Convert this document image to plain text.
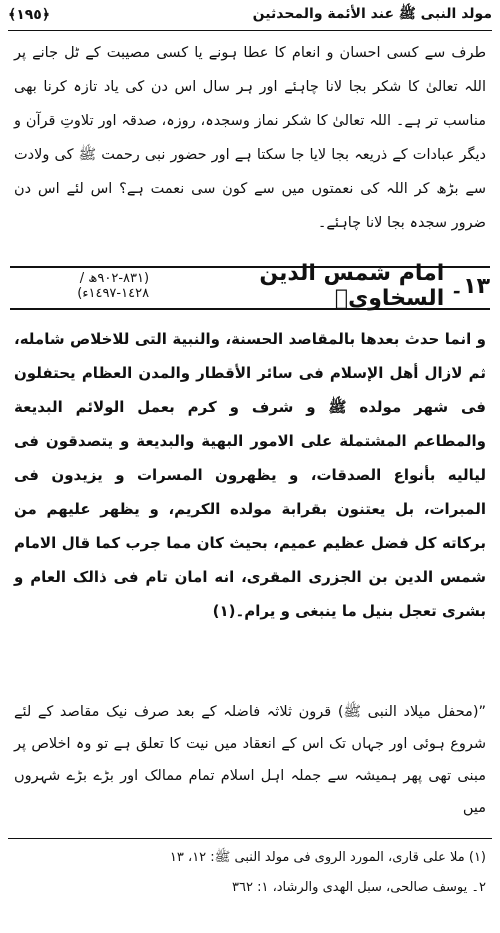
مولد النبی ﷺ عند الأئمة والمحدثین
﴿١٩٥﴾
طرف سے کسی احسان و انعام کا عطا ہونے یا کسی مصیبت کے ٹل جانے پر اللہ تعالیٰ کا شکر بجا لانا چاہئے اور ہر سال اس دن کی یاد تازہ کرنا بھی مناسب تر ہے۔ اللہ تعالیٰ کا شکر نماز وسجدہ، روزہ، صدقہ اور تلاوتِ قرآن و دیگر عبادات کے ذریعہ بجا لایا جا سکتا ہے اور حضور نبی رحمت ﷺ کی ولادت سے بڑھ کر اللہ کی نعمتوں میں سے کون سی نعمت ہے؟ اس لئے اس دن ضرور سجدہ بجا لانا چاہئے۔
١٣۔
امام شمس الدین السخاویؒ
(٨٣١-٩٠٢ھ / ١٤٢٨-١٤٩٧ء)
و انما حدث بعدها بالمقاصد الحسنة، والنبية التی للاخلاص شامله، ثم لازال أهل الإسلام فی سائر الأقطار والمدن العظام یحتفلون فی شهر مولده ﷺ و شرف و کرم بعمل الولائم البدیعة والمطاعم المشتملة علی الامور البهیة والبدیعة و یتصدقون فی لیالیه بأنواع الصدقات، و یظهرون المسرات و یزیدون فی المبرات، بل یعتنون بقرابة مولده الکریم، و یظهر علیهم من برکاته کل فضل عظیم عمیم، بحیث کان مما جرب کما قال الامام شمس الدین بن الجزری المقری، انه امان تام فی ذالک العام و بشری تعجل بنیل ما ینبغی و یرام۔(١)
”(محفل میلاد النبی ﷺ) قرون ثلاثہ فاضلہ کے بعد صرف نیک مقاصد کے لئے شروع ہوئی اور جہاں تک اس کے انعقاد میں نیت کا تعلق ہے تو وہ اخلاص پر مبنی تھی پھر ہمیشہ سے جملہ اہل اسلام تمام ممالک اور بڑے بڑے شہروں میں
(١) ملا علی قاری، المورد الروی فی مولد النبی ﷺ: ١٢، ١٣
٢۔ یوسف صالحی، سبل الهدی والرشاد، ١: ٣٦٢
